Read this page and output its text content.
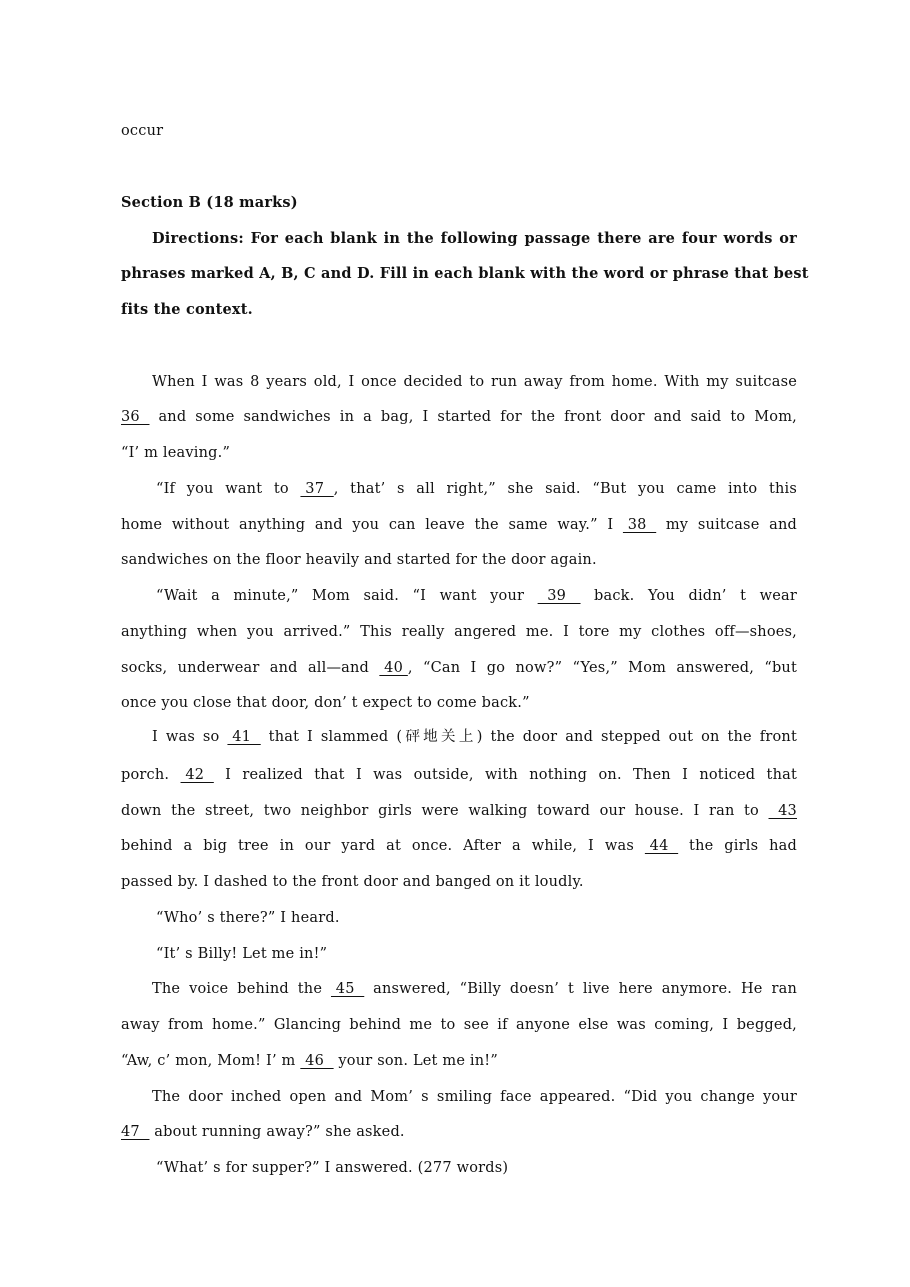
occur
Section B (18 marks)
Directions: For each blank in the following passage there are four words or
phrases marked A, B, C and D. Fill in each blank with the word or phrase that best
fits the context.
When I was 8 years old, I once decided to run away from home. With my suitcase
36   and some sandwiches in a bag, I started for the front door and said to Mom,
“I’ m leaving.”
“If you want to  37  , that’ s all right,” she said. “But you came into this
home without anything and you can leave the same way.” I  38   my suitcase and
sandwiches on the floor heavily and started for the door again.
“Wait a minute,” Mom said. “I want your   39    back. You didn’ t wear
anything when you arrived.” This really angered me. I tore my clothes off—shoes,
socks, underwear and all—and  40 , “Can I go now?” “Yes,” Mom answered, “but
once you close that door, don’ t expect to come back.”
I was so  41   that I slammed (砰地关上) the door and stepped out on the front
porch.  42   I realized that I was outside, with nothing on. Then I noticed that
down the street, two neighbor girls were walking toward our house. I ran to   43
behind a big tree in our yard at once. After a while, I was  44   the girls had
passed by. I dashed to the front door and banged on it loudly.
“Who’ s there?” I heard.
“It’ s Billy! Let me in!”
The voice behind the  45   answered, “Billy doesn’ t live here anymore. He ran
away from home.” Glancing behind me to see if anyone else was coming, I begged,
“Aw, c’ mon, Mom! I’ m  46   your son. Let me in!”
The door inched open and Mom’ s smiling face appeared. “Did you change your
47   about running away?” she asked.
“What’ s for supper?” I answered. (277 words)
